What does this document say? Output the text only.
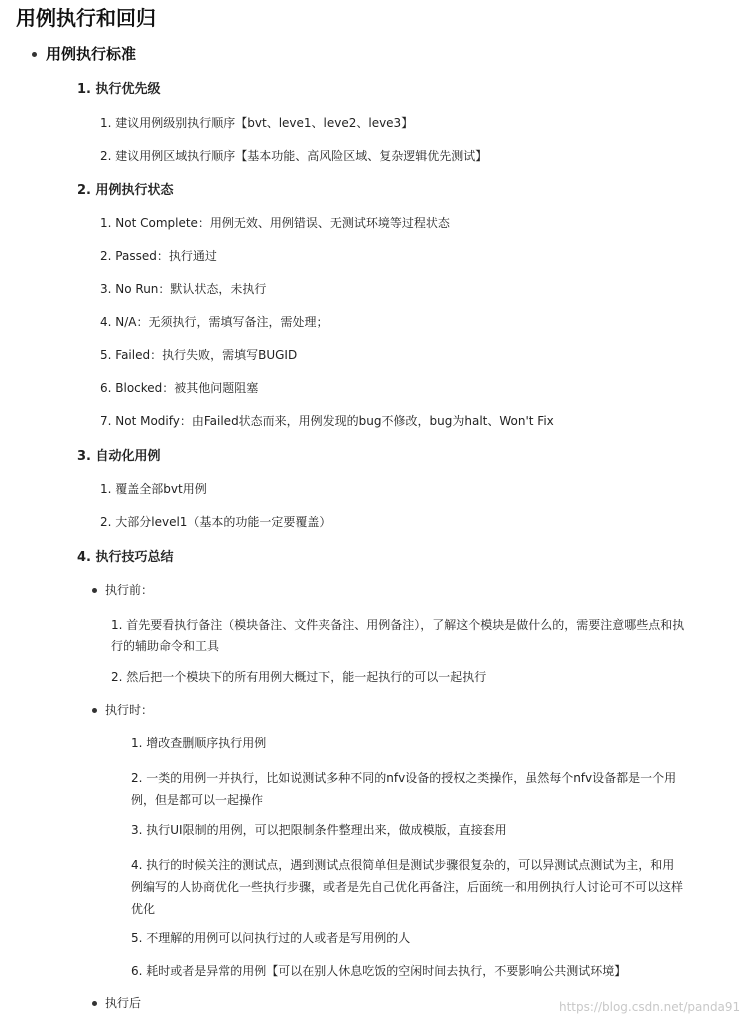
用例执行和回归
用例执行标准
1. 执行优先级
1. 建议用例级别执行顺序【bvt、leve1、leve2、leve3】
2. 建议用例区域执行顺序【基本功能、高风险区域、复杂逻辑优先测试】
2. 用例执行状态
1. Not Complete：用例无效、用例错误、无测试环境等过程状态
2. Passed：执行通过
3. No Run：默认状态，未执行
4. N/A：无须执行，需填写备注，需处理；
5. Failed：执行失败，需填写BUGID
6. Blocked：被其他问题阻塞
7. Not Modify：由Failed状态而来，用例发现的bug不修改，bug为halt、Won't Fix
3. 自动化用例
1. 覆盖全部bvt用例
2. 大部分level1（基本的功能一定要覆盖）
4. 执行技巧总结
执行前：
1. 首先要看执行备注（模块备注、文件夹备注、用例备注），了解这个模块是做什么的，需要注意哪些点和执行的辅助命令和工具
2. 然后把一个模块下的所有用例大概过下，能一起执行的可以一起执行
执行时：
1. 增改查删顺序执行用例
2. 一类的用例一并执行，比如说测试多种不同的nfv设备的授权之类操作，虽然每个nfv设备都是一个用例，但是都可以一起操作
3. 执行UI限制的用例，可以把限制条件整理出来，做成模版，直接套用
4. 执行的时候关注的测试点，遇到测试点很简单但是测试步骤很复杂的，可以异测试点测试为主，和用例编写的人协商优化一些执行步骤，或者是先自己优化再备注，后面统一和用例执行人讨论可不可以这样优化
5. 不理解的用例可以问执行过的人或者是写用例的人
6. 耗时或者是异常的用例【可以在别人休息吃饭的空闲时间去执行，不要影响公共测试环境】
执行后	https://blog.csdn.net/panda91
